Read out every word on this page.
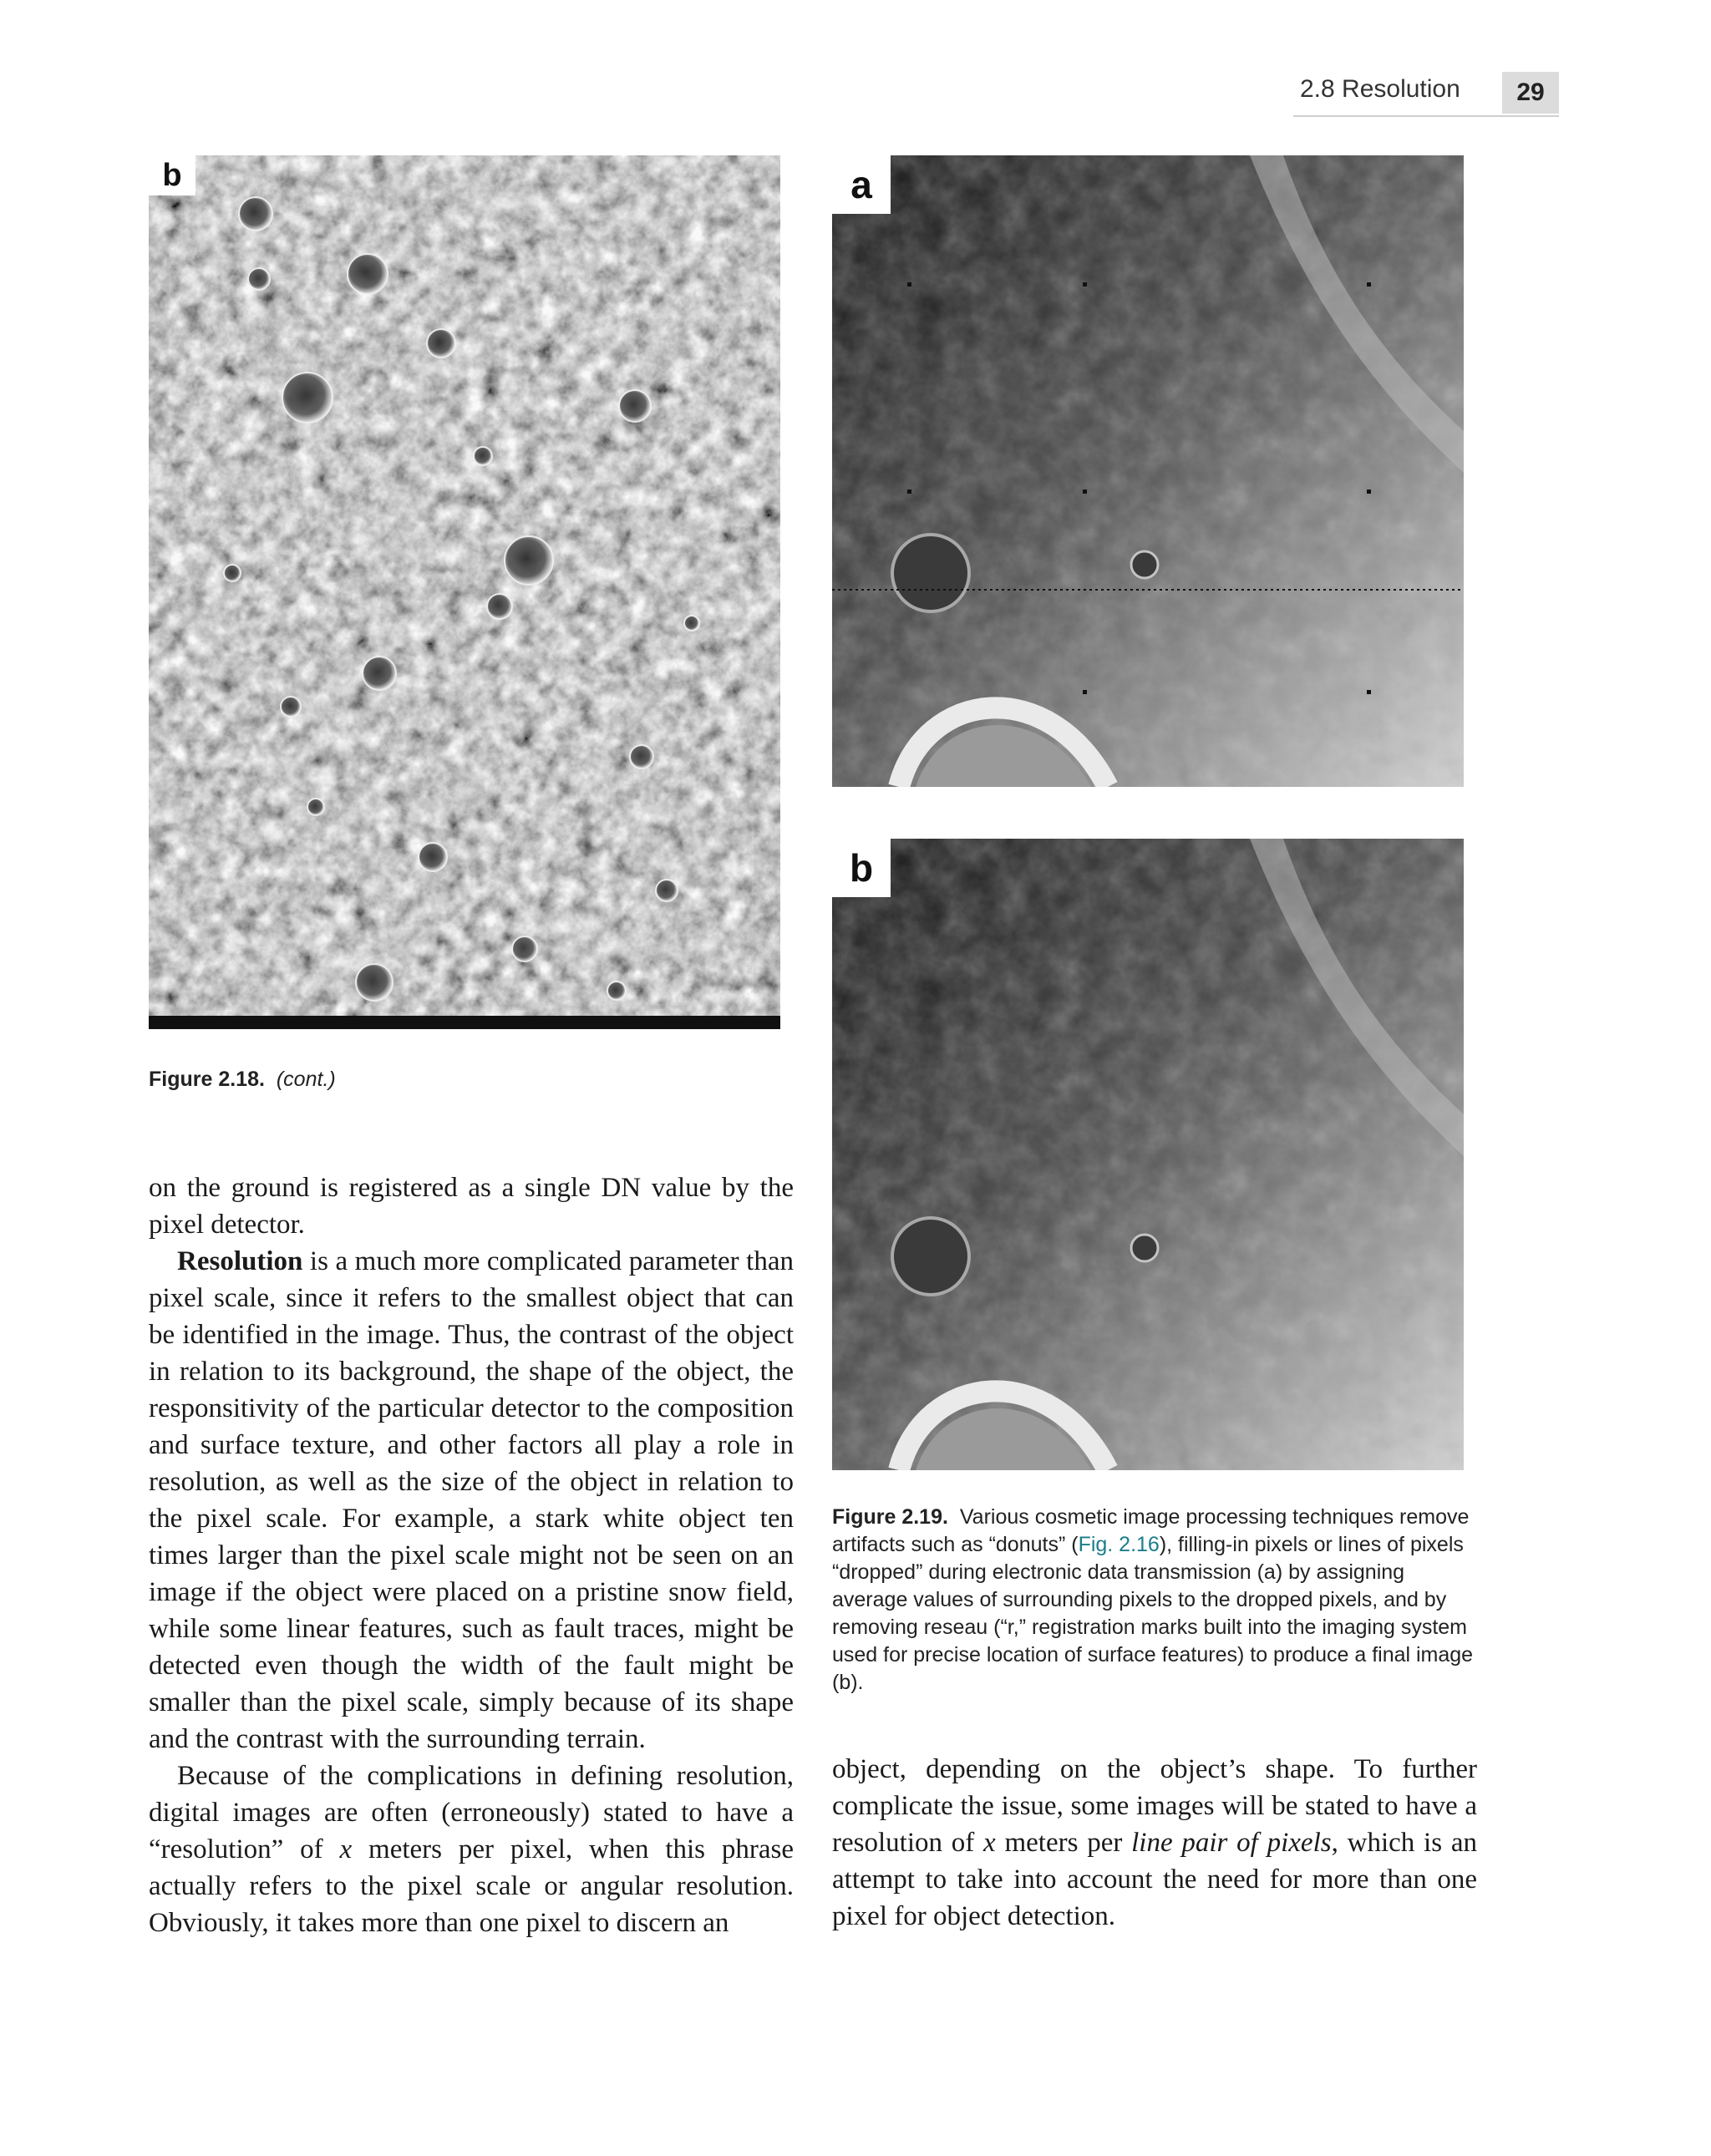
2.8 Resolution	29
b
Figure 2.18. (cont.)
a
b
Figure 2.19. Various cosmetic image processing techniques remove artifacts such as “donuts” (Fig. 2.16), filling-in pixels or lines of pixels “dropped” during electronic data transmission (a) by assigning average values of surrounding pixels to the dropped pixels, and by removing reseau (“r,” registration marks built into the imaging system used for precise location of surface features) to produce a final image (b).

on the ground is registered as a single DN value by the pixel detector.

Resolution is a much more complicated parameter than pixel scale, since it refers to the smallest object that can be identified in the image. Thus, the contrast of the object in relation to its background, the shape of the object, the responsitivity of the particular detector to the composition and surface texture, and other factors all play a role in resolution, as well as the size of the object in relation to the pixel scale. For example, a stark white object ten times larger than the pixel scale might not be seen on an image if the object were placed on a pristine snow field, while some linear features, such as fault traces, might be detected even though the width of the fault might be smaller than the pixel scale, simply because of its shape and the contrast with the surrounding terrain.

Because of the complications in defining resolution, digital images are often (erroneously) stated to have a “resolution” of x meters per pixel, when this phrase actually refers to the pixel scale or angular resolution. Obviously, it takes more than one pixel to discern an

object, depending on the object’s shape. To further complicate the issue, some images will be stated to have a resolution of x meters per line pair of pixels, which is an attempt to take into account the need for more than one pixel for object detection.
